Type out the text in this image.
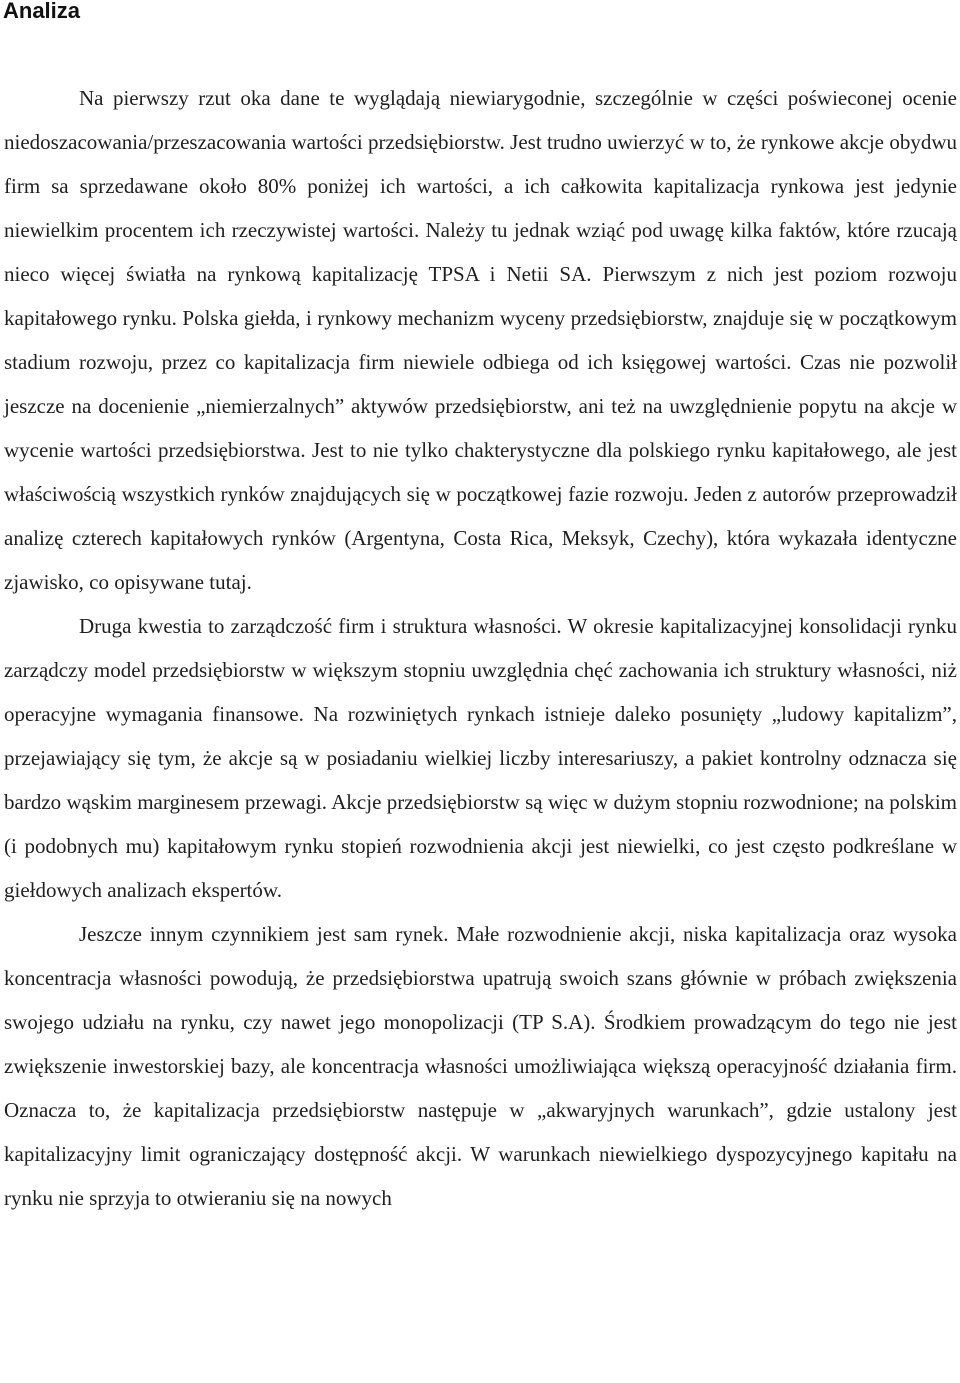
Analiza

Na pierwszy rzut oka dane te wyglądają niewiarygodnie, szczególnie w części poświeconej ocenie niedoszacowania/przeszacowania wartości przedsiębiorstw. Jest trudno uwierzyć w to, że rynkowe akcje obydwu firm sa sprzedawane około 80% poniżej ich wartości, a ich całkowita kapitalizacja rynkowa jest jedynie niewielkim procentem ich rzeczywistej wartości. Należy tu jednak wziąć pod uwagę kilka faktów, które rzucają nieco więcej światła na rynkową kapitalizację TPSA i Netii SA. Pierwszym z nich jest poziom rozwoju kapitałowego rynku. Polska giełda, i rynkowy mechanizm wyceny przedsiębiorstw, znajduje się w początkowym stadium rozwoju, przez co kapitalizacja firm niewiele odbiega od ich księgowej wartości. Czas nie pozwolił jeszcze na docenienie „niemierzalnych” aktywów przedsiębiorstw, ani też na uwzględnienie popytu na akcje w wycenie wartości przedsiębiorstwa. Jest to nie tylko chakterystyczne dla polskiego rynku kapitałowego, ale jest właściwością wszystkich rynków znajdujących się w początkowej fazie rozwoju. Jeden z autorów przeprowadził analizę czterech kapitałowych rynków (Argentyna, Costa Rica, Meksyk, Czechy), która wykazała identyczne zjawisko, co opisywane tutaj.

Druga kwestia to zarządczość firm i struktura własności. W okresie kapitalizacyjnej konsolidacji rynku zarządczy model przedsiębiorstw w większym stopniu uwzględnia chęć zachowania ich struktury własności, niż operacyjne wymagania finansowe. Na rozwiniętych rynkach istnieje daleko posunięty „ludowy kapitalizm”, przejawiający się tym, że akcje są w posiadaniu wielkiej liczby interesariuszy, a pakiet kontrolny odznacza się bardzo wąskim marginesem przewagi. Akcje przedsiębiorstw są więc w dużym stopniu rozwodnione; na polskim (i podobnych mu) kapitałowym rynku stopień rozwodnienia akcji jest niewielki, co jest często podkreślane w giełdowych analizach ekspertów.

Jeszcze innym czynnikiem jest sam rynek. Małe rozwodnienie akcji, niska kapitalizacja oraz wysoka koncentracja własności powodują, że przedsiębiorstwa upatrują swoich szans głównie w próbach zwiększenia swojego udziału na rynku, czy nawet jego monopolizacji (TP S.A). Środkiem prowadzącym do tego nie jest zwiększenie inwestorskiej bazy, ale koncentracja własności umożliwiająca większą operacyjność działania firm. Oznacza to, że kapitalizacja przedsiębiorstw następuje w „akwaryjnych warunkach”, gdzie ustalony jest kapitalizacyjny limit ograniczający dostępność akcji. W warunkach niewielkiego dyspozycyjnego kapitału na rynku nie sprzyja to otwieraniu się na nowych
